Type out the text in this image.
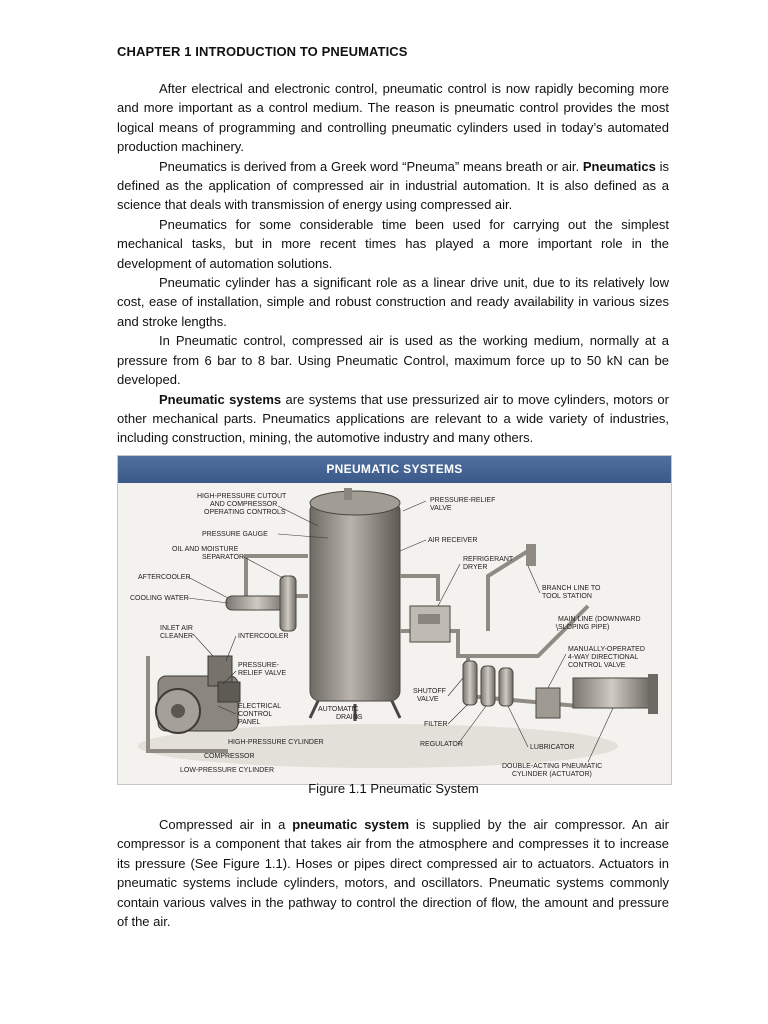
CHAPTER 1 INTRODUCTION TO PNEUMATICS

After electrical and electronic control, pneumatic control is now rapidly becoming more and more important as a control medium. The reason is pneumatic control provides the most logical means of programming and controlling pneumatic cylinders used in today’s automated production machinery.

Pneumatics is derived from a Greek word “Pneuma” means breath or air. Pneumatics is defined as the application of compressed air in industrial automation. It is also defined as a science that deals with transmission of energy using compressed air.

Pneumatics for some considerable time been used for carrying out the simplest mechanical tasks, but in more recent times has played a more important role in the development of automation solutions.

Pneumatic cylinder has a significant role as a linear drive unit, due to its relatively low cost, ease of installation, simple and robust construction and ready availability in various sizes and stroke lengths.

In Pneumatic control, compressed air is used as the working medium, normally at a pressure from 6 bar to 8 bar. Using Pneumatic Control, maximum force up to 50 kN can be developed.

Pneumatic systems are systems that use pressurized air to move cylinders, motors or other mechanical parts. Pneumatics applications are relevant to a wide variety of industries, including construction, mining, the automotive industry and many others.

PNEUMATIC SYSTEMS
HIGH-PRESSURE CUTOUT
AND COMPRESSOR
OPERATING CONTROLS
PRESSURE GAUGE
OIL AND MOISTURE
SEPARATOR
AFTERCOOLER
COOLING WATER
INLET AIR
CLEANER	INTERCOOLER
PRESSURE-
RELIEF VALVE
ELECTRICAL
CONTROL
PANEL
HIGH-PRESSURE CYLINDER
COMPRESSOR
LOW-PRESSURE CYLINDER
PRESSURE-RELIEF
VALVE
AIR RECEIVER
REFRIGERANT
DRYER
BRANCH LINE TO
TOOL STATION
MAIN LINE (DOWNWARD
SLOPING PIPE)
MANUALLY-OPERATED
4-WAY DIRECTIONAL
CONTROL VALVE
SHUTOFF
VALVE
AUTOMATIC
DRAINS
FILTER
REGULATOR	LUBRICATOR
DOUBLE-ACTING PNEUMATIC
CYLINDER (ACTUATOR)
Figure 1.1 Pneumatic System

Compressed air in a pneumatic system is supplied by the air compressor. An air compressor is a component that takes air from the atmosphere and compresses it to increase its pressure (See Figure 1.1). Hoses or pipes direct compressed air to actuators. Actuators in pneumatic systems include cylinders, motors, and oscillators. Pneumatic systems commonly contain various valves in the pathway to control the direction of flow, the amount and pressure of the air.
